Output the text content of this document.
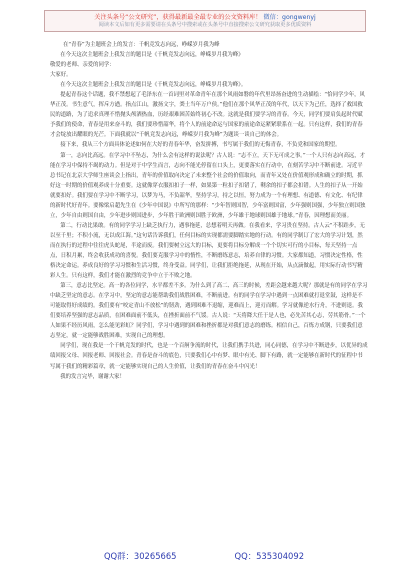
关注头条号“公文研究”，获得最新最全最专业的公文资料库！ 微信：gongwenyj
阅读本文后如有更多需要请在头条号中搜索或在头条号中直接搜索公文研究获取更多优质资料

在“青春”为主题班会上的发言：千帆竞发志向远，峥嵘岁月我为峰

在今天这次主题班会上我发言的题目是《千帆竞发志向远，峥嵘岁月我为峰》

敬爱的老师、亲爱的同学：

大家好。

在今天这次主题班会上我发言的题目是《千帆竞发志向远，峥嵘岁月我为峰》。

提起青春这个话题，我不禁想起了毛泽东在一首词里对革命青年在那个风雨如磐的年代里昂扬奋进的生动描绘：“恰同学少年，风华正茂。书生意气，挥斥方遒。指点江山，激扬文字，粪土当年万户侯。”他们在那个风华正茂的年代，以天下为己任，选择了救国救民的道路，为了追求真理不惜抛头颅洒热血，历经艰难困苦始终初心不改。这就是我们要学习的青春。今天，同学们要肩负起时代赋予我们的使命，青春是用来奋斗的，我们要珍惜韶华，将个人的前途命运与国家的前途命运紧紧联系在一起。只有这样，我们的青春才会绽放出耀眼的光芒。下面我就以“千帆竞发志向远，峥嵘岁月我为峰”为题谈一谈自己的体会。

接下来，我从三个方面具体论述如何在大好的青春年华，奋发拼搏，书写属于我们的无悔青春，不负党和国家的期望。

第一，志向比高远。在学习中不坠志，为什么会有这样的说法呢？古人说：“志不立，天下无可成之事。”一个人只有志向高远，才能在学习中保持不竭的动力。但是对于中学生而言，志向不能光停留在口头上，更要落实在行动中，在刻苦学习中不断前进。习近平总书记在北京大学师生座谈会上指出，青年的价值取向决定了未来整个社会的价值取向，而青年又处在价值观形成和确立的时期，抓好这一时期的价值观养成十分重要。这就像穿衣服扣扣子一样，如果第一粒扣子扣错了，剩余的扣子都会扣错。人生的扣子从一开始就要扣好。我们要在学习中不断学习，以梦为马，不负韶华，坚持学习，持之以恒，努力成为一个有理想、有道德、有文化、有纪律的新时代好青年。要像梁启超先生在《少年中国说》中所写的那样：“少年智则国智，少年富则国富，少年强则国强，少年独立则国独立，少年自由则国自由，少年进步则国进步，少年胜于欧洲则国胜于欧洲，少年雄于地球则国雄于地球。”青春，因理想而美丽。

第二，行动比果敢。有的同学学习上缺乏执行力，遇事拖延，总想着明天再做。在我看来，学习贵在坚持。古人云“不积跬步，无以至千里；不积小流，无以成江海。”这句话告诉我们，任何目标的实现都需要脚踏实地的行动。有的同学制订了宏大的学习计划，然而在执行的过程中往往虎头蛇尾，半途而废。我们要树立远大的目标，更要将目标分解成一个个切实可行的小目标，每天坚持一点点，日积月累，终会收获成功的喜悦。我们要克服学习中的惰性，不断磨练意志，培养自律的习惯。大家都知道，习惯决定性格，性格决定命运。养成良好的学习习惯和生活习惯，终身受益。同学们，让我们拒绝拖延，从现在开始，从点滴做起，用实际行动书写精彩人生。只有这样，我们才能在激烈的竞争中立于不败之地。

第三，意志比坚定。高一的各位同学，水平都差不多。为什么到了高二、高三的时候，差距会越来越大呢？那就是有的同学在学习中缺乏坚定的意志。在学习中，坚定的意志能帮助我们战胜困难，不断前进。有的同学在学习中遇到一点困难就打退堂鼓，这样是不可能取得好成绩的。我们要有“咬定青山不放松”的韧劲，遇到困难不退缩，迎难而上，迎刃而解。学习就像逆水行舟，不进则退。我们要培养坚强的意志品质，在困难面前不低头，在挫折面前不气馁。古人说：“天将降大任于是人也，必先苦其心志，劳其筋骨。”一个人如果不经历风雨，怎么能见彩虹？同学们，学习中遇到的困难和挫折都是对我们意志的磨练。相信自己，百炼方成钢，只要我们意志坚定，就一定能够战胜困难，实现自己的理想。

同学们，现在我是一个千帆竞发的时代，也是一个百舸争流的时代，让我们携手共进，同心同德，在学习中不断进步，以优异的成绩回报父母、回报老师、回报社会。青春是奋斗的底色，只要我们心中有梦、眼中有光、脚下有路，就一定能够在新时代的征程中书写属于我们的精彩篇章，就一定能够实现自己的人生价值，让我们的青春在奋斗中闪光！

我的发言完毕，谢谢大家！

QQ群：30265665	QQ：535304092
